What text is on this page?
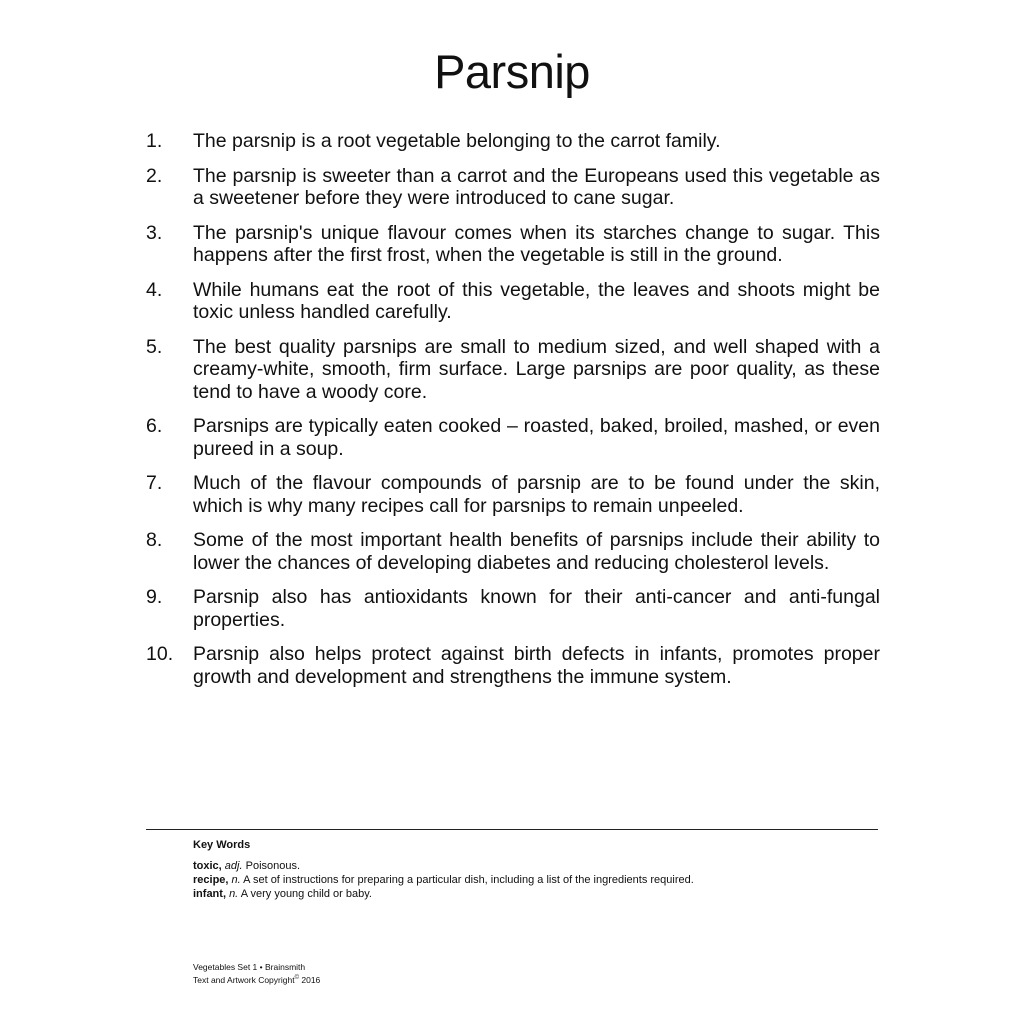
Parsnip
1.	The parsnip is a root vegetable belonging to the carrot family.
2.	The parsnip is sweeter than a carrot and the Europeans used this vegetable as a sweetener before they were introduced to cane sugar.
3.	The parsnip's unique flavour comes when its starches change to sugar. This happens after the first frost, when the vegetable is still in the ground.
4.	While humans eat the root of this vegetable, the leaves and shoots might be toxic unless handled carefully.
5.	The best quality parsnips are small to medium sized, and well shaped with a creamy-white, smooth, firm surface. Large parsnips are poor quality, as these tend to have a woody core.
6.	Parsnips are typically eaten cooked – roasted, baked, broiled, mashed, or even pureed in a soup.
7.	Much of the flavour compounds of parsnip are to be found under the skin, which is why many recipes call for parsnips to remain unpeeled.
8.	Some of the most important health benefits of parsnips include their ability to lower the chances of developing diabetes and reducing cholesterol levels.
9.	Parsnip also has antioxidants known for their anti-cancer and anti-fungal properties.
10.	Parsnip also helps protect against birth defects in infants, promotes proper growth and development and strengthens the immune system.
Key Words
toxic, adj. Poisonous.
recipe, n. A set of instructions for preparing a particular dish, including a list of the ingredients required.
infant, n. A very young child or baby.
Vegetables Set 1 • Brainsmith
Text and Artwork Copyright© 2016
